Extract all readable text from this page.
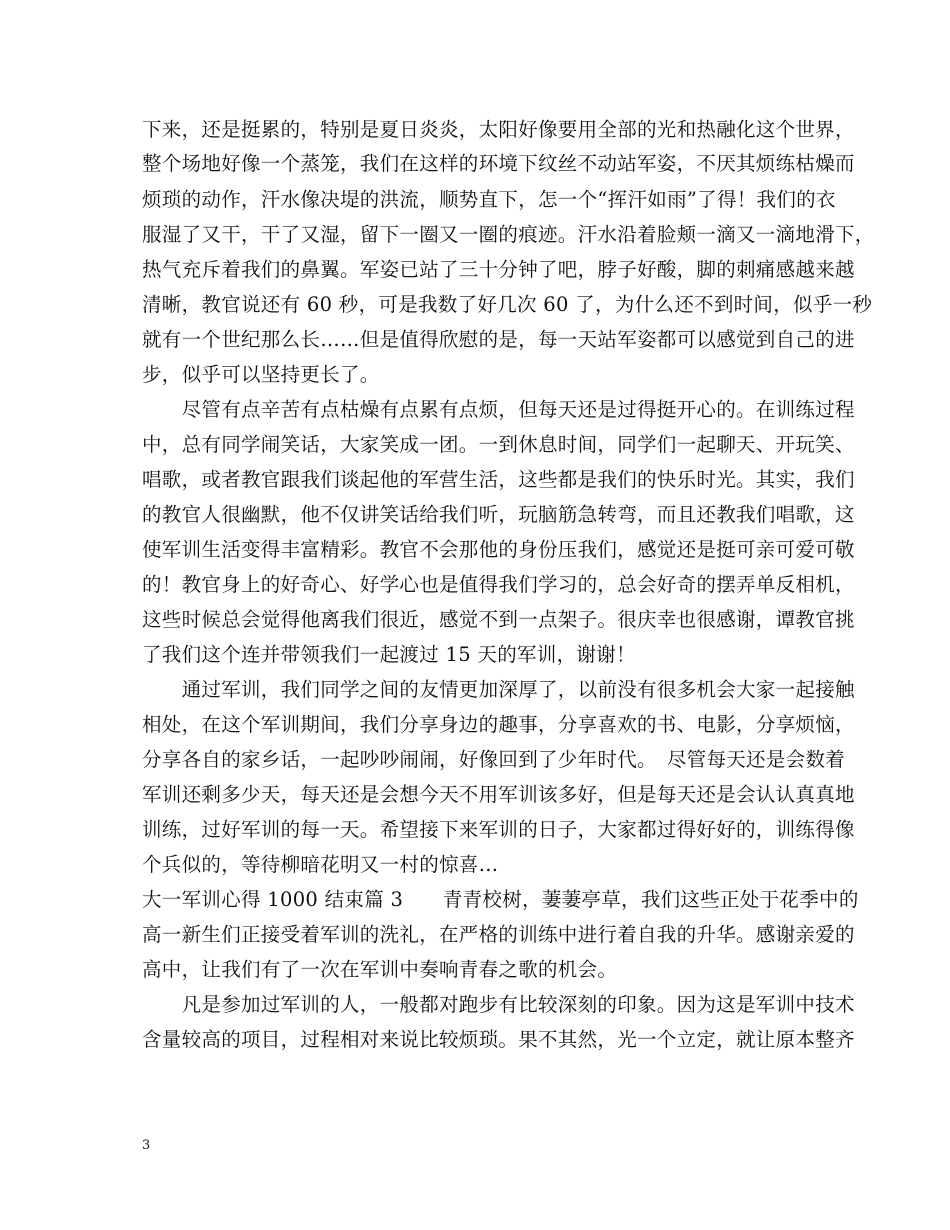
下来，还是挺累的，特别是夏日炎炎，太阳好像要用全部的光和热融化这个世界，
整个场地好像一个蒸笼，我们在这样的环境下纹丝不动站军姿，不厌其烦练枯燥而
烦琐的动作，汗水像决堤的洪流，顺势直下，怎一个“挥汗如雨”了得！我们的衣
服湿了又干，干了又湿，留下一圈又一圈的痕迹。汗水沿着脸颊一滴又一滴地滑下，
热气充斥着我们的鼻翼。军姿已站了三十分钟了吧，脖子好酸，脚的刺痛感越来越
清晰，教官说还有 60 秒，可是我数了好几次 60 了，为什么还不到时间，似乎一秒
就有一个世纪那么长……但是值得欣慰的是，每一天站军姿都可以感觉到自己的进
步，似乎可以坚持更长了。
　　尽管有点辛苦有点枯燥有点累有点烦，但每天还是过得挺开心的。在训练过程
中，总有同学闹笑话，大家笑成一团。一到休息时间，同学们一起聊天、开玩笑、
唱歌，或者教官跟我们谈起他的军营生活，这些都是我们的快乐时光。其实，我们
的教官人很幽默，他不仅讲笑话给我们听，玩脑筋急转弯，而且还教我们唱歌，这
使军训生活变得丰富精彩。教官不会那他的身份压我们，感觉还是挺可亲可爱可敬
的！教官身上的好奇心、好学心也是值得我们学习的，总会好奇的摆弄单反相机，
这些时候总会觉得他离我们很近，感觉不到一点架子。很庆幸也很感谢，谭教官挑
了我们这个连并带领我们一起渡过 15 天的军训，谢谢！
　　通过军训，我们同学之间的友情更加深厚了，以前没有很多机会大家一起接触
相处，在这个军训期间，我们分享身边的趣事，分享喜欢的书、电影，分享烦恼，
分享各自的家乡话，一起吵吵闹闹，好像回到了少年时代。　尽管每天还是会数着
军训还剩多少天，每天还是会想今天不用军训该多好，但是每天还是会认认真真地
训练，过好军训的每一天。希望接下来军训的日子，大家都过得好好的，训练得像
个兵似的，等待柳暗花明又一村的惊喜…
大一军训心得 1000 结束篇 3　　青青校树，萋萋亭草，我们这些正处于花季中的
高一新生们正接受着军训的洗礼，在严格的训练中进行着自我的升华。感谢亲爱的
高中，让我们有了一次在军训中奏响青春之歌的机会。
　　凡是参加过军训的人，一般都对跑步有比较深刻的印象。因为这是军训中技术
含量较高的项目，过程相对来说比较烦琐。果不其然，光一个立定，就让原本整齐
3
